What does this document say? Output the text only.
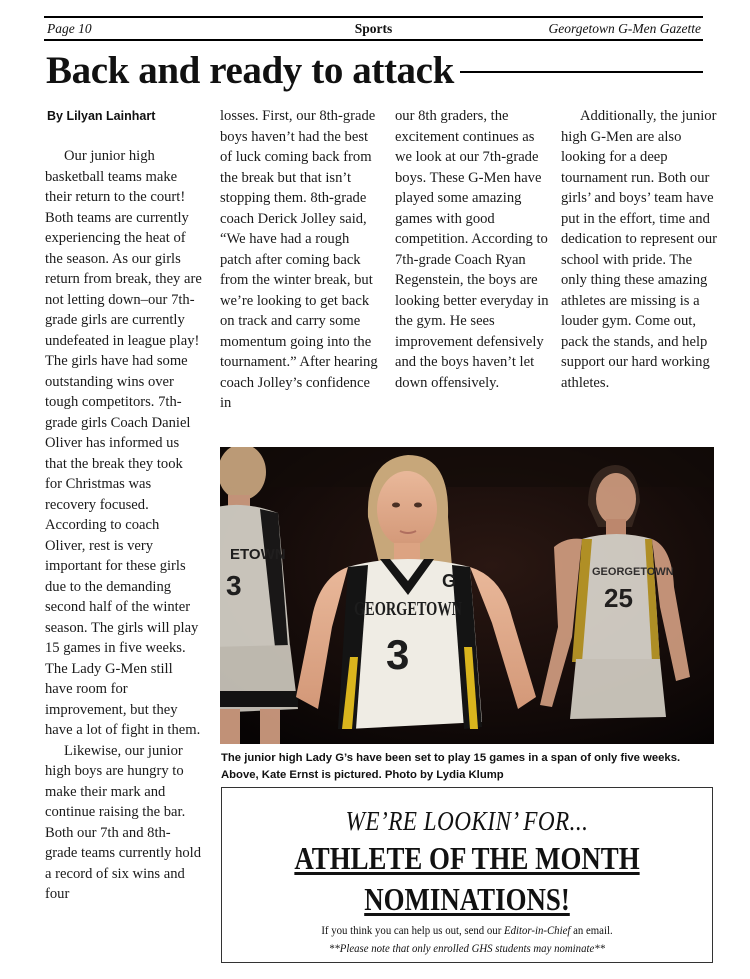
Page 10	Sports	Georgetown G-Men Gazette
Back and ready to attack
By Lilyan Lainhart

Our junior high basketball teams make their return to the court! Both teams are currently experiencing the heat of the season. As our girls return from break, they are not letting down–our 7th-grade girls are currently undefeated in league play! The girls have had some outstanding wins over tough competitors. 7th-grade girls Coach Daniel Oliver has informed us that the break they took for Christmas was recovery focused. According to coach Oliver, rest is very important for these girls due to the demanding second half of the winter season. The girls will play 15 games in five weeks. The Lady G-Men still have room for improvement, but they have a lot of fight in them.

Likewise, our junior high boys are hungry to make their mark and continue raising the bar. Both our 7th and 8th-grade teams currently hold a record of six wins and four

losses. First, our 8th-grade boys haven’t had the best of luck coming back from the break but that isn’t stopping them. 8th-grade coach Derick Jolley said, “We have had a rough patch after coming back from the winter break, but we’re looking to get back on track and carry some momentum going into the tournament.” After hearing coach Jolley’s confidence in

our 8th graders, the excitement continues as we look at our 7th-grade boys. These G-Men have played some amazing games with good competition. According to 7th-grade Coach Ryan Regenstein, the boys are looking better everyday in the gym. He sees improvement defensively and the boys haven’t let down offensively.

Additionally, the junior high G-Men are also looking for a deep tournament run. Both our girls’ and boys’ team have put in the effort, time and dedication to represent our school with pride. The only thing these amazing athletes are missing is a louder gym. Come out, pack the stands, and help support our hard working athletes.

ETOWN
3	GEORGETOWN
25
GEORGETOWN
G
3
The junior high Lady G’s have been set to play 15 games in a span of only five weeks.
Above, Kate Ernst is pictured. Photo by Lydia Klump
WE’RE LOOKIN’ FOR...
ATHLETE OF THE MONTH
NOMINATIONS!
If you think you can help us out, send our Editor-in-Chief an email.
**Please note that only enrolled GHS students may nominate**
